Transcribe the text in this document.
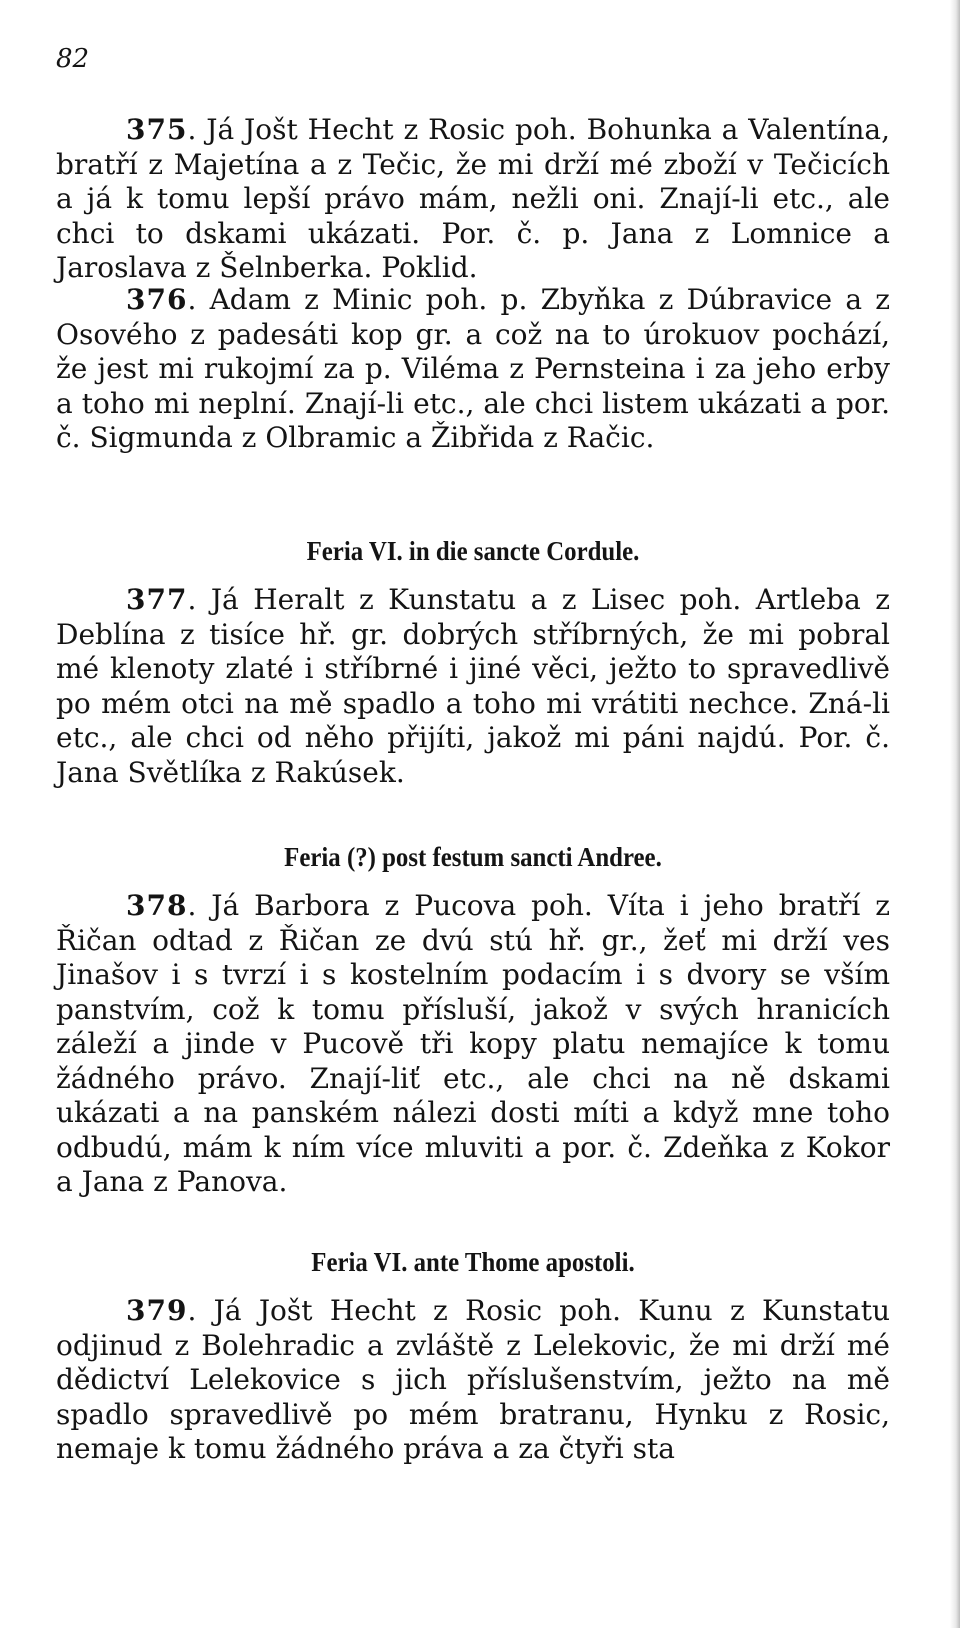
82
375. Já Jošt Hecht z Rosic poh. Bohunka a Valentína, bratří z Majetína a z Tečic, že mi drží mé zboží v Tečicích a já k tomu lepší právo mám, nežli oni. Znají-li etc., ale chci to dskami ukázati. Por. č. p. Jana z Lomnice a Jaroslava z Šelnberka. Poklid.
376. Adam z Minic poh. p. Zbyňka z Dúbravice a z Osového z padesáti kop gr. a což na to úrokuov pochází, že jest mi rukojmí za p. Viléma z Pernsteina i za jeho erby a toho mi neplní. Znají-li etc., ale chci listem ukázati a por. č. Sigmunda z Olbramic a Žibřida z Račic.
Feria VI. in die sancte Cordule.
377. Já Heralt z Kunstatu a z Lisec poh. Artleba z Deblína z tisíce hř. gr. dobrých stříbrných, že mi pobral mé klenoty zlaté i stříbrné i jiné věci, ježto to spravedlivě po mém otci na mě spadlo a toho mi vrátiti nechce. Zná-li etc., ale chci od něho přijíti, jakož mi páni najdú. Por. č. Jana Světlíka z Rakúsek.
Feria (?) post festum sancti Andree.
378. Já Barbora z Pucova poh. Víta i jeho bratří z Řičan odtad z Řičan ze dvú stú hř. gr., žeť mi drží ves Jinašov i s tvrzí i s kostelním podacím i s dvory se vším panstvím, což k tomu přísluší, jakož v svých hranicích záleží a jinde v Pucově tři kopy platu nemajíce k tomu žádného právo. Znají-liť etc., ale chci na ně dskami ukázati a na panském nálezi dosti míti a když mne toho odbudú, mám k ním více mluviti a por. č. Zdeňka z Kokor a Jana z Panova.
Feria VI. ante Thome apostoli.
379. Já Jošt Hecht z Rosic poh. Kunu z Kunstatu odjinud z Bolehradic a zvláště z Lelekovic, že mi drží mé dědictví Lelekovice s jich příslušenstvím, ježto na mě spadlo spravedlivě po mém bratranu, Hynku z Rosic, nemaje k tomu žádného práva a za čtyři sta
